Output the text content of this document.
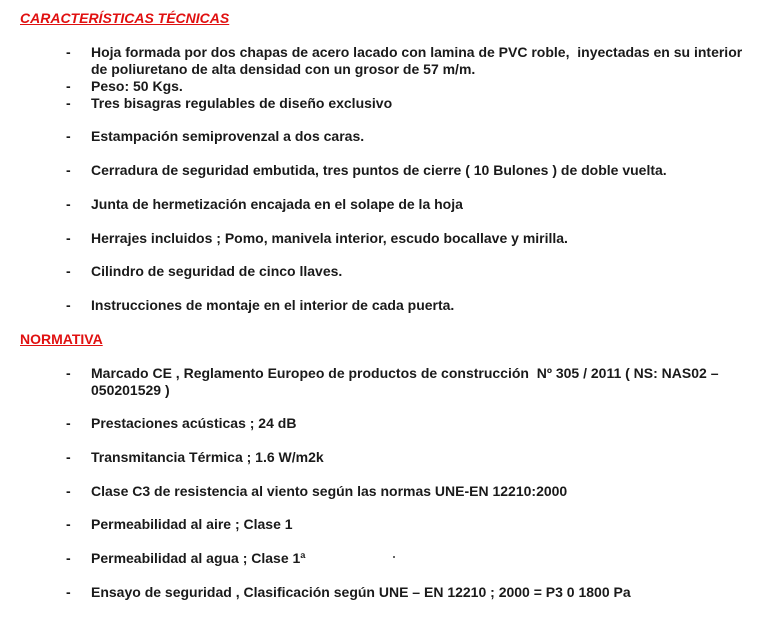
CARACTERÍSTICAS TÉCNICAS
-	Hoja formada por dos chapas de acero lacado con lamina de PVC roble,  inyectadas en su interior de poliuretano de alta densidad con un grosor de 57 m/m.
-	Peso: 50 Kgs.
-	Tres bisagras regulables de diseño exclusivo
-	Estampación semiprovenzal a dos caras.
-	Cerradura de seguridad embutida, tres puntos de cierre ( 10 Bulones ) de doble vuelta.
-	Junta de hermetización encajada en el solape de la hoja
-	Herrajes incluidos ; Pomo, manivela interior, escudo bocallave y mirilla.
-	Cilindro de seguridad de cinco llaves.
-	Instrucciones de montaje en el interior de cada puerta.
NORMATIVA
-	Marcado CE , Reglamento Europeo de productos de construcción  Nº 305 / 2011 ( NS: NAS02 – 050201529 )
-	Prestaciones acústicas ; 24 dB
-	Transmitancia Térmica ; 1.6 W/m2k
-	Clase C3 de resistencia al viento según las normas UNE-EN 12210:2000
-	Permeabilidad al aire ; Clase 1
-	Permeabilidad al agua ; Clase 1ª
-	Ensayo de seguridad , Clasificación según UNE – EN 12210 ; 2000 = P3 0 1800 Pa
